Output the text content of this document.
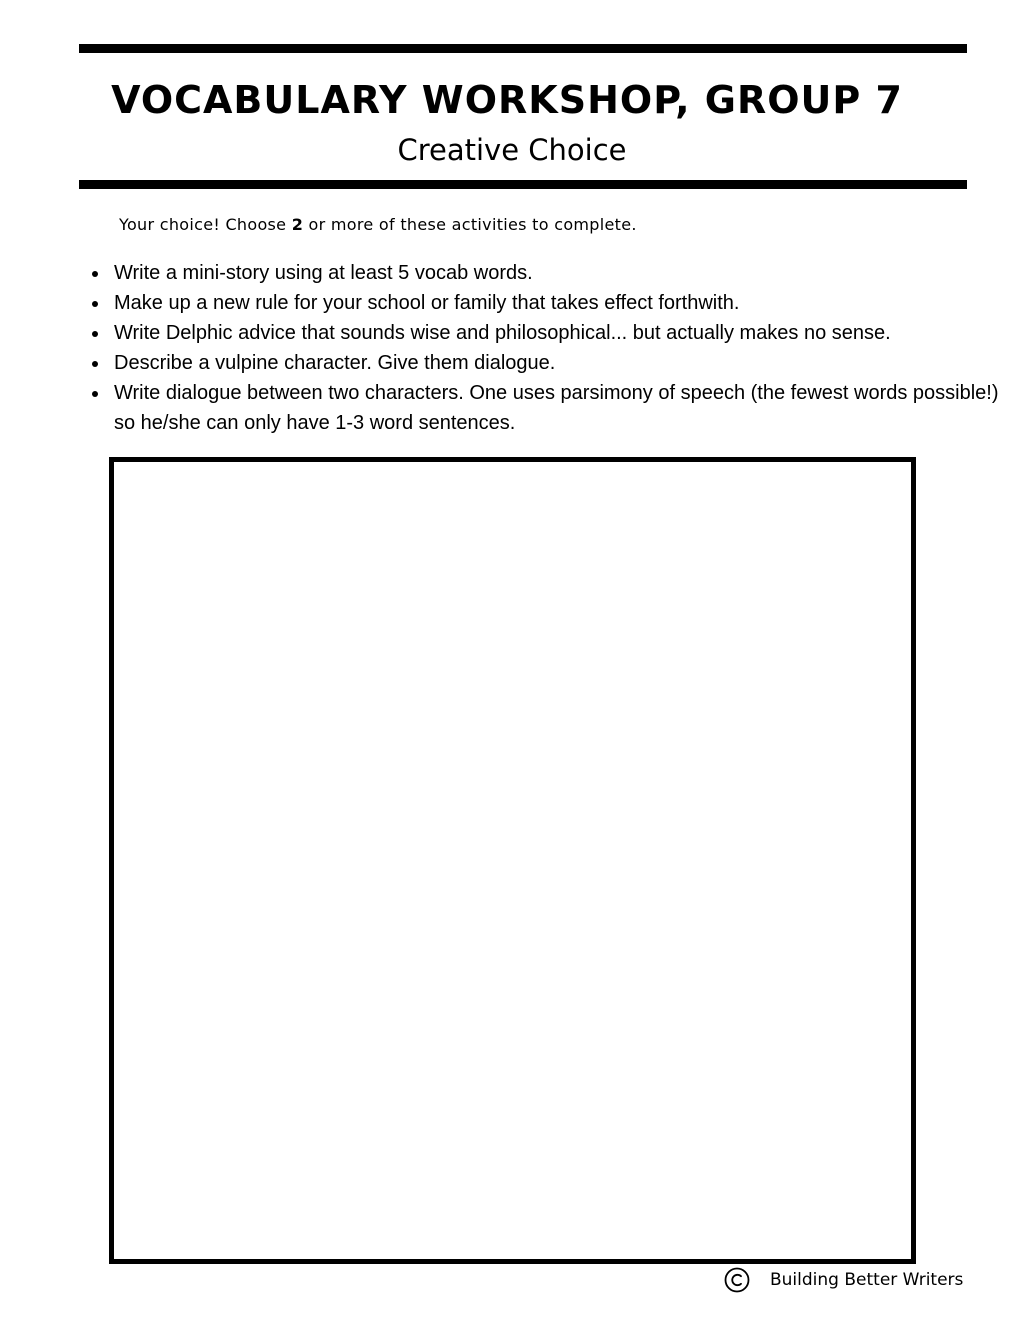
VOCABULARY WORKSHOP, GROUP 7
Creative Choice
Your choice! Choose 2 or more of these activities to complete.
Write a mini-story using at least 5 vocab words.
Make up a new rule for your school or family that takes effect forthwith.
Write Delphic advice that sounds wise and philosophical... but actually makes no sense.
Describe a vulpine character. Give them dialogue.
Write dialogue between two characters. One uses parsimony of speech (the fewest words possible!) so he/she can only have 1-3 word sentences.
Building Better Writers
